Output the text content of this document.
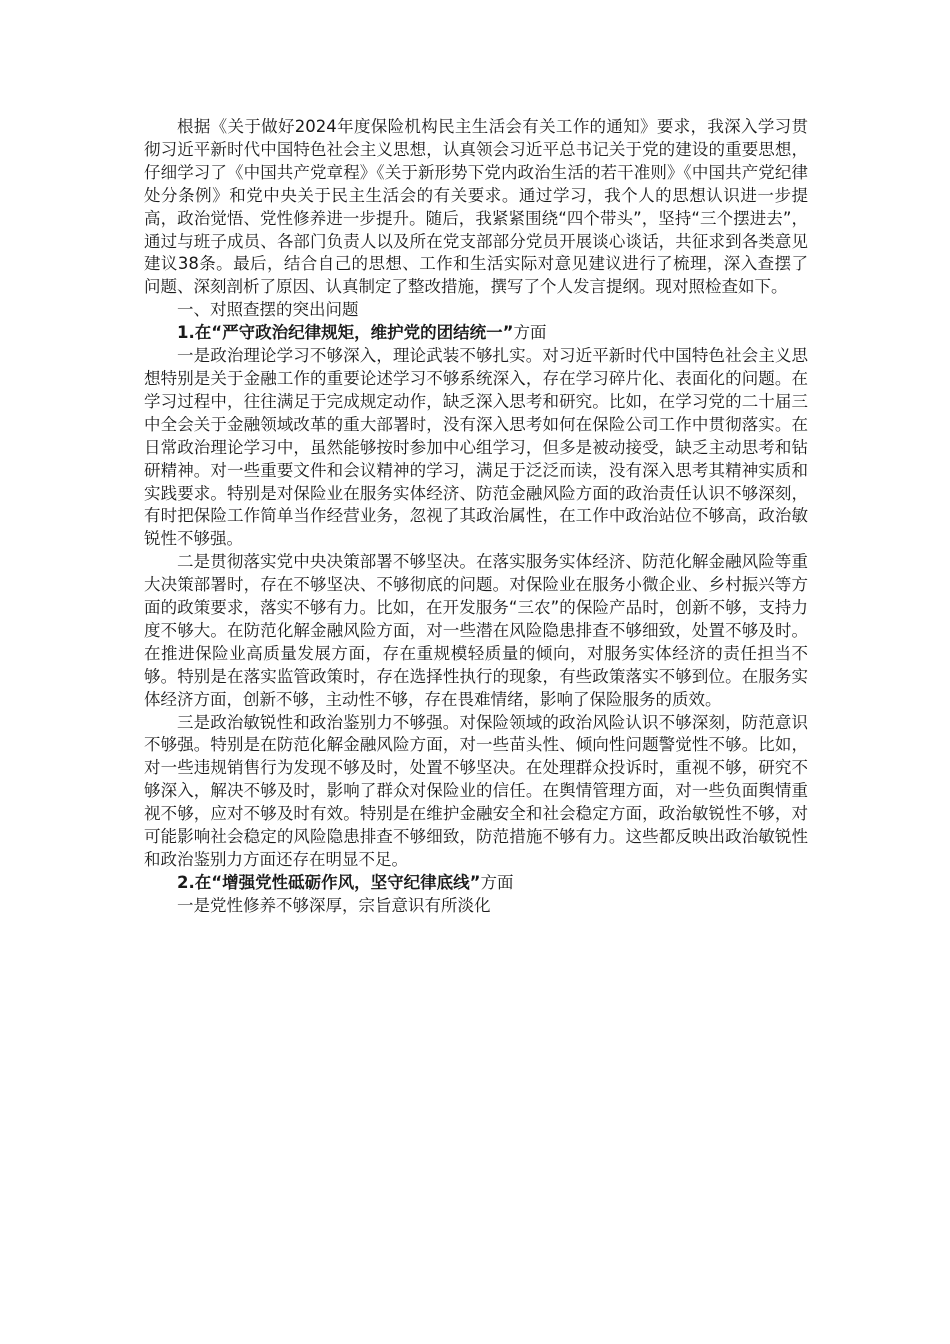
根据《关于做好2024年度保险机构民主生活会有关工作的通知》要求，我深入学习贯彻习近平新时代中国特色社会主义思想，认真领会习近平总书记关于党的建设的重要思想，仔细学习了《中国共产党章程》《关于新形势下党内政治生活的若干准则》《中国共产党纪律处分条例》和党中央关于民主生活会的有关要求。通过学习，我个人的思想认识进一步提高，政治觉悟、党性修养进一步提升。随后，我紧紧围绕“四个带头”，坚持“三个摆进去”，通过与班子成员、各部门负责人以及所在党支部部分党员开展谈心谈话，共征求到各类意见建议38条。最后，结合自己的思想、工作和生活实际对意见建议进行了梳理，深入查摆了问题、深刻剖析了原因、认真制定了整改措施，撰写了个人发言提纲。现对照检查如下。

一、对照查摆的突出问题

1.在“严守政治纪律规矩，维护党的团结统一”方面

一是政治理论学习不够深入，理论武装不够扎实。对习近平新时代中国特色社会主义思想特别是关于金融工作的重要论述学习不够系统深入，存在学习碎片化、表面化的问题。在学习过程中，往往满足于完成规定动作，缺乏深入思考和研究。比如，在学习党的二十届三中全会关于金融领域改革的重大部署时，没有深入思考如何在保险公司工作中贯彻落实。在日常政治理论学习中，虽然能够按时参加中心组学习，但多是被动接受，缺乏主动思考和钻研精神。对一些重要文件和会议精神的学习，满足于泛泛而读，没有深入思考其精神实质和实践要求。特别是对保险业在服务实体经济、防范金融风险方面的政治责任认识不够深刻，有时把保险工作简单当作经营业务，忽视了其政治属性，在工作中政治站位不够高，政治敏锐性不够强。

二是贯彻落实党中央决策部署不够坚决。在落实服务实体经济、防范化解金融风险等重大决策部署时，存在不够坚决、不够彻底的问题。对保险业在服务小微企业、乡村振兴等方面的政策要求，落实不够有力。比如，在开发服务“三农”的保险产品时，创新不够，支持力度不够大。在防范化解金融风险方面，对一些潜在风险隐患排查不够细致，处置不够及时。在推进保险业高质量发展方面，存在重规模轻质量的倾向，对服务实体经济的责任担当不够。特别是在落实监管政策时，存在选择性执行的现象，有些政策落实不够到位。在服务实体经济方面，创新不够，主动性不够，存在畏难情绪，影响了保险服务的质效。

三是政治敏锐性和政治鉴别力不够强。对保险领域的政治风险认识不够深刻，防范意识不够强。特别是在防范化解金融风险方面，对一些苗头性、倾向性问题警觉性不够。比如，对一些违规销售行为发现不够及时，处置不够坚决。在处理群众投诉时，重视不够，研究不够深入，解决不够及时，影响了群众对保险业的信任。在舆情管理方面，对一些负面舆情重视不够，应对不够及时有效。特别是在维护金融安全和社会稳定方面，政治敏锐性不够，对可能影响社会稳定的风险隐患排查不够细致，防范措施不够有力。这些都反映出政治敏锐性和政治鉴别力方面还存在明显不足。

2.在“增强党性砥砺作风，坚守纪律底线”方面

一是党性修养不够深厚，宗旨意识有所淡化
